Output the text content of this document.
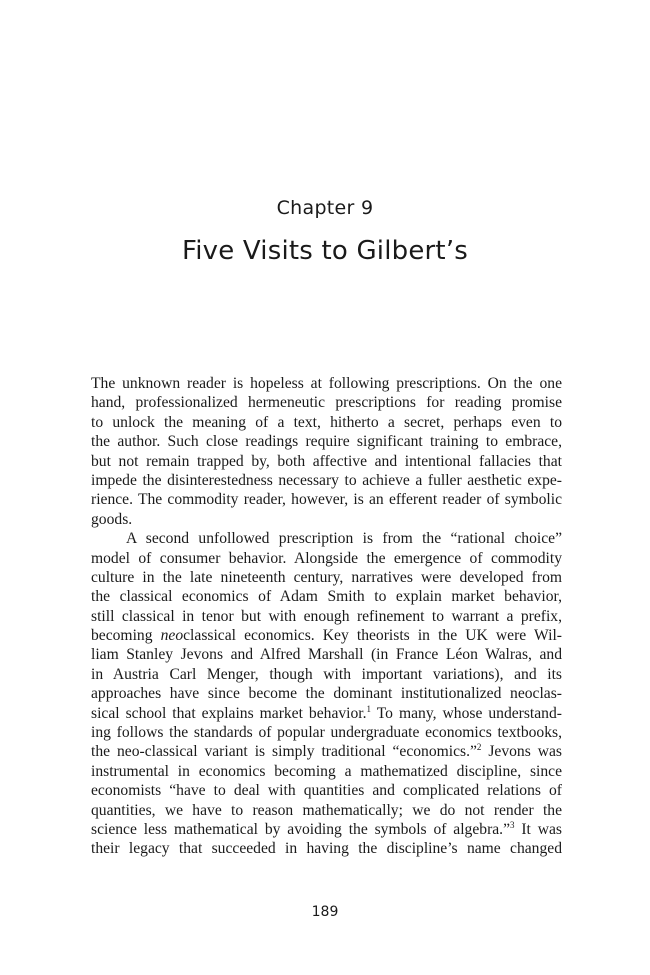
Chapter 9
Five Visits to Gilbert’s
The unknown reader is hopeless at following prescriptions. On the one
hand, professionalized hermeneutic prescriptions for reading promise
to unlock the meaning of a text, hitherto a secret, perhaps even to
the author. Such close readings require significant training to embrace,
but not remain trapped by, both affective and intentional fallacies that
impede the disinterestedness necessary to achieve a fuller aesthetic expe-
rience. The commodity reader, however, is an efferent reader of symbolic
goods.
A second unfollowed prescription is from the “rational choice”
model of consumer behavior. Alongside the emergence of commodity
culture in the late nineteenth century, narratives were developed from
the classical economics of Adam Smith to explain market behavior,
still classical in tenor but with enough refinement to warrant a prefix,
becoming neoclassical economics. Key theorists in the UK were Wil-
liam Stanley Jevons and Alfred Marshall (in France Léon Walras, and
in Austria Carl Menger, though with important variations), and its
approaches have since become the dominant institutionalized neoclas-
sical school that explains market behavior.$^1$ To many, whose understand-
ing follows the standards of popular undergraduate economics textbooks,
the neo-classical variant is simply traditional “economics.”$^2$ Jevons was
instrumental in economics becoming a mathematized discipline, since
economists “have to deal with quantities and complicated relations of
quantities, we have to reason mathematically; we do not render the
science less mathematical by avoiding the symbols of algebra.”$^3$ It was
their legacy that succeeded in having the discipline’s name changed
189
